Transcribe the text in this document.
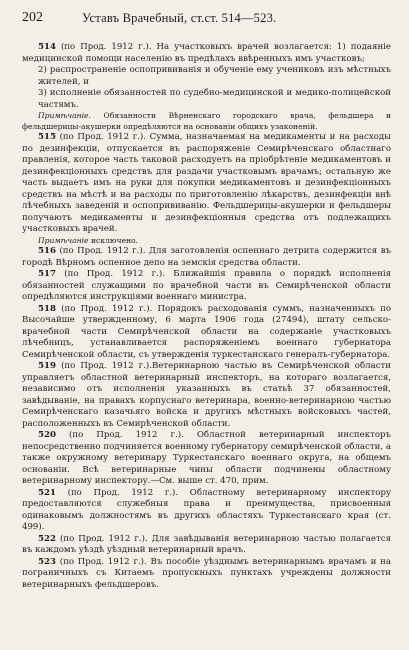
202	Уставъ Врачебный, ст.ст. 514—523.

514 (по Прод. 1912 г.). На участковыхъ врачей возлагается: 1) подаяніе медицинской помощи населенію въ предѣлахъ ввѣренныхъ имъ участковъ;

2) распространеніе оспопрививанія и обученіе ему учениковъ изъ мѣстныхъ жителей, и

3) исполненіе обязанностей по судебно-медицинской и медико-полицейской частямъ.

Примѣчаніе. Обязанности Вѣрненскаго городскаго врача, фельдшера и фельдшерицы-акушерки опредѣляются на основаніи общихъ узаконеній.

515 (по Прод. 1912 г.). Сумма, назначаемая на медикаменты и на расходы по дезинфекціи, отпускается въ распоряженіе Семирѣченскаго областнаго правленія, которое часть таковой расходуетъ на пріобрѣтеніе медикаментовъ и дезинфекціонныхъ средствъ для раздачи участковымъ врачамъ; остальную же часть выдаетъ имъ на руки для покупки медикаментовъ и дезинфекціонныхъ средствъ на мѣстѣ и на расходы по приготовленію лѣкарствъ, дезинфекціи внѣ лѣчебныхъ заведеній и оспопрививанію. Фельдшерицы-акушерки и фельдшеры получаютъ медикаменты и дезинфекціонныя средства отъ подлежащихъ участковыхъ врачей.

Примѣчаніе исключено.

516 (по Прод. 1912 г.). Для заготовленія оспеннаго детрита содержится въ городѣ Вѣрномъ оспенное депо на земскія средства области.

517 (по Прод. 1912 г.). Ближайшія правила о порядкѣ исполненія обязанностей служащими по врачебной части въ Семирѣченской области опредѣляются инструкціями военнаго министра.

518 (по Прод. 1912 г.). Порядокъ расходованія суммъ, назначенныхъ по Высочайше утвержденному, 6 марта 1906 года (27494), штату сельско-врачебной части Семирѣченской области на содержаніе участковыхъ лѣчебницъ, устанавливается распоряженіемъ военнаго губернатора Семирѣченской области, съ утвержденія туркестанскаго генералъ-губернатора.

519 (по Прод. 1912 г.).Ветеринарною частью въ Семирѣченской области управляетъ областной ветеринарный инспекторъ, на котораго возлагается, независимо отъ исполненія указанныхъ въ статьѣ 37 обязанностей, завѣдываніе, на правахъ корпуснаго ветеринара, военно-ветеринарною частью Семирѣченскаго казачьяго войска и другихъ мѣстныхъ войсковыхъ частей, расположенныхъ въ Семирѣченской области.

520 (по Прод. 1912 г.). Областной ветеринарный инспекторъ непосредственно подчиняется военному губернатору семирѣченской области, а также окружному ветеринару Туркестанскаго военнаго округа, на общемъ основаніи. Всѣ ветеринарные чины области подчинены областному ветеринарному инспектору.—См. выше ст. 470, прим.

521 (по Прод. 1912 г.). Областному ветеринарному инспектору предоставляются служебныя права и преимущества, присвоенныя одинаковымъ должностямъ въ другихъ областяхъ Туркестанскаго края (ст. 499).

522 (по Прод. 1912 г.). Для завѣдыванія ветеринарною частью полагается въ каждомъ уѣздѣ уѣздный ветеринарный врачъ.

523 (по Прод. 1912 г.). Въ пособіе уѣзднымъ ветеринарнымъ врачамъ и на пограничныхъ съ Китаемъ пропускныхъ пунктахъ учреждены должности ветеринарныхъ фельдшеровъ.
